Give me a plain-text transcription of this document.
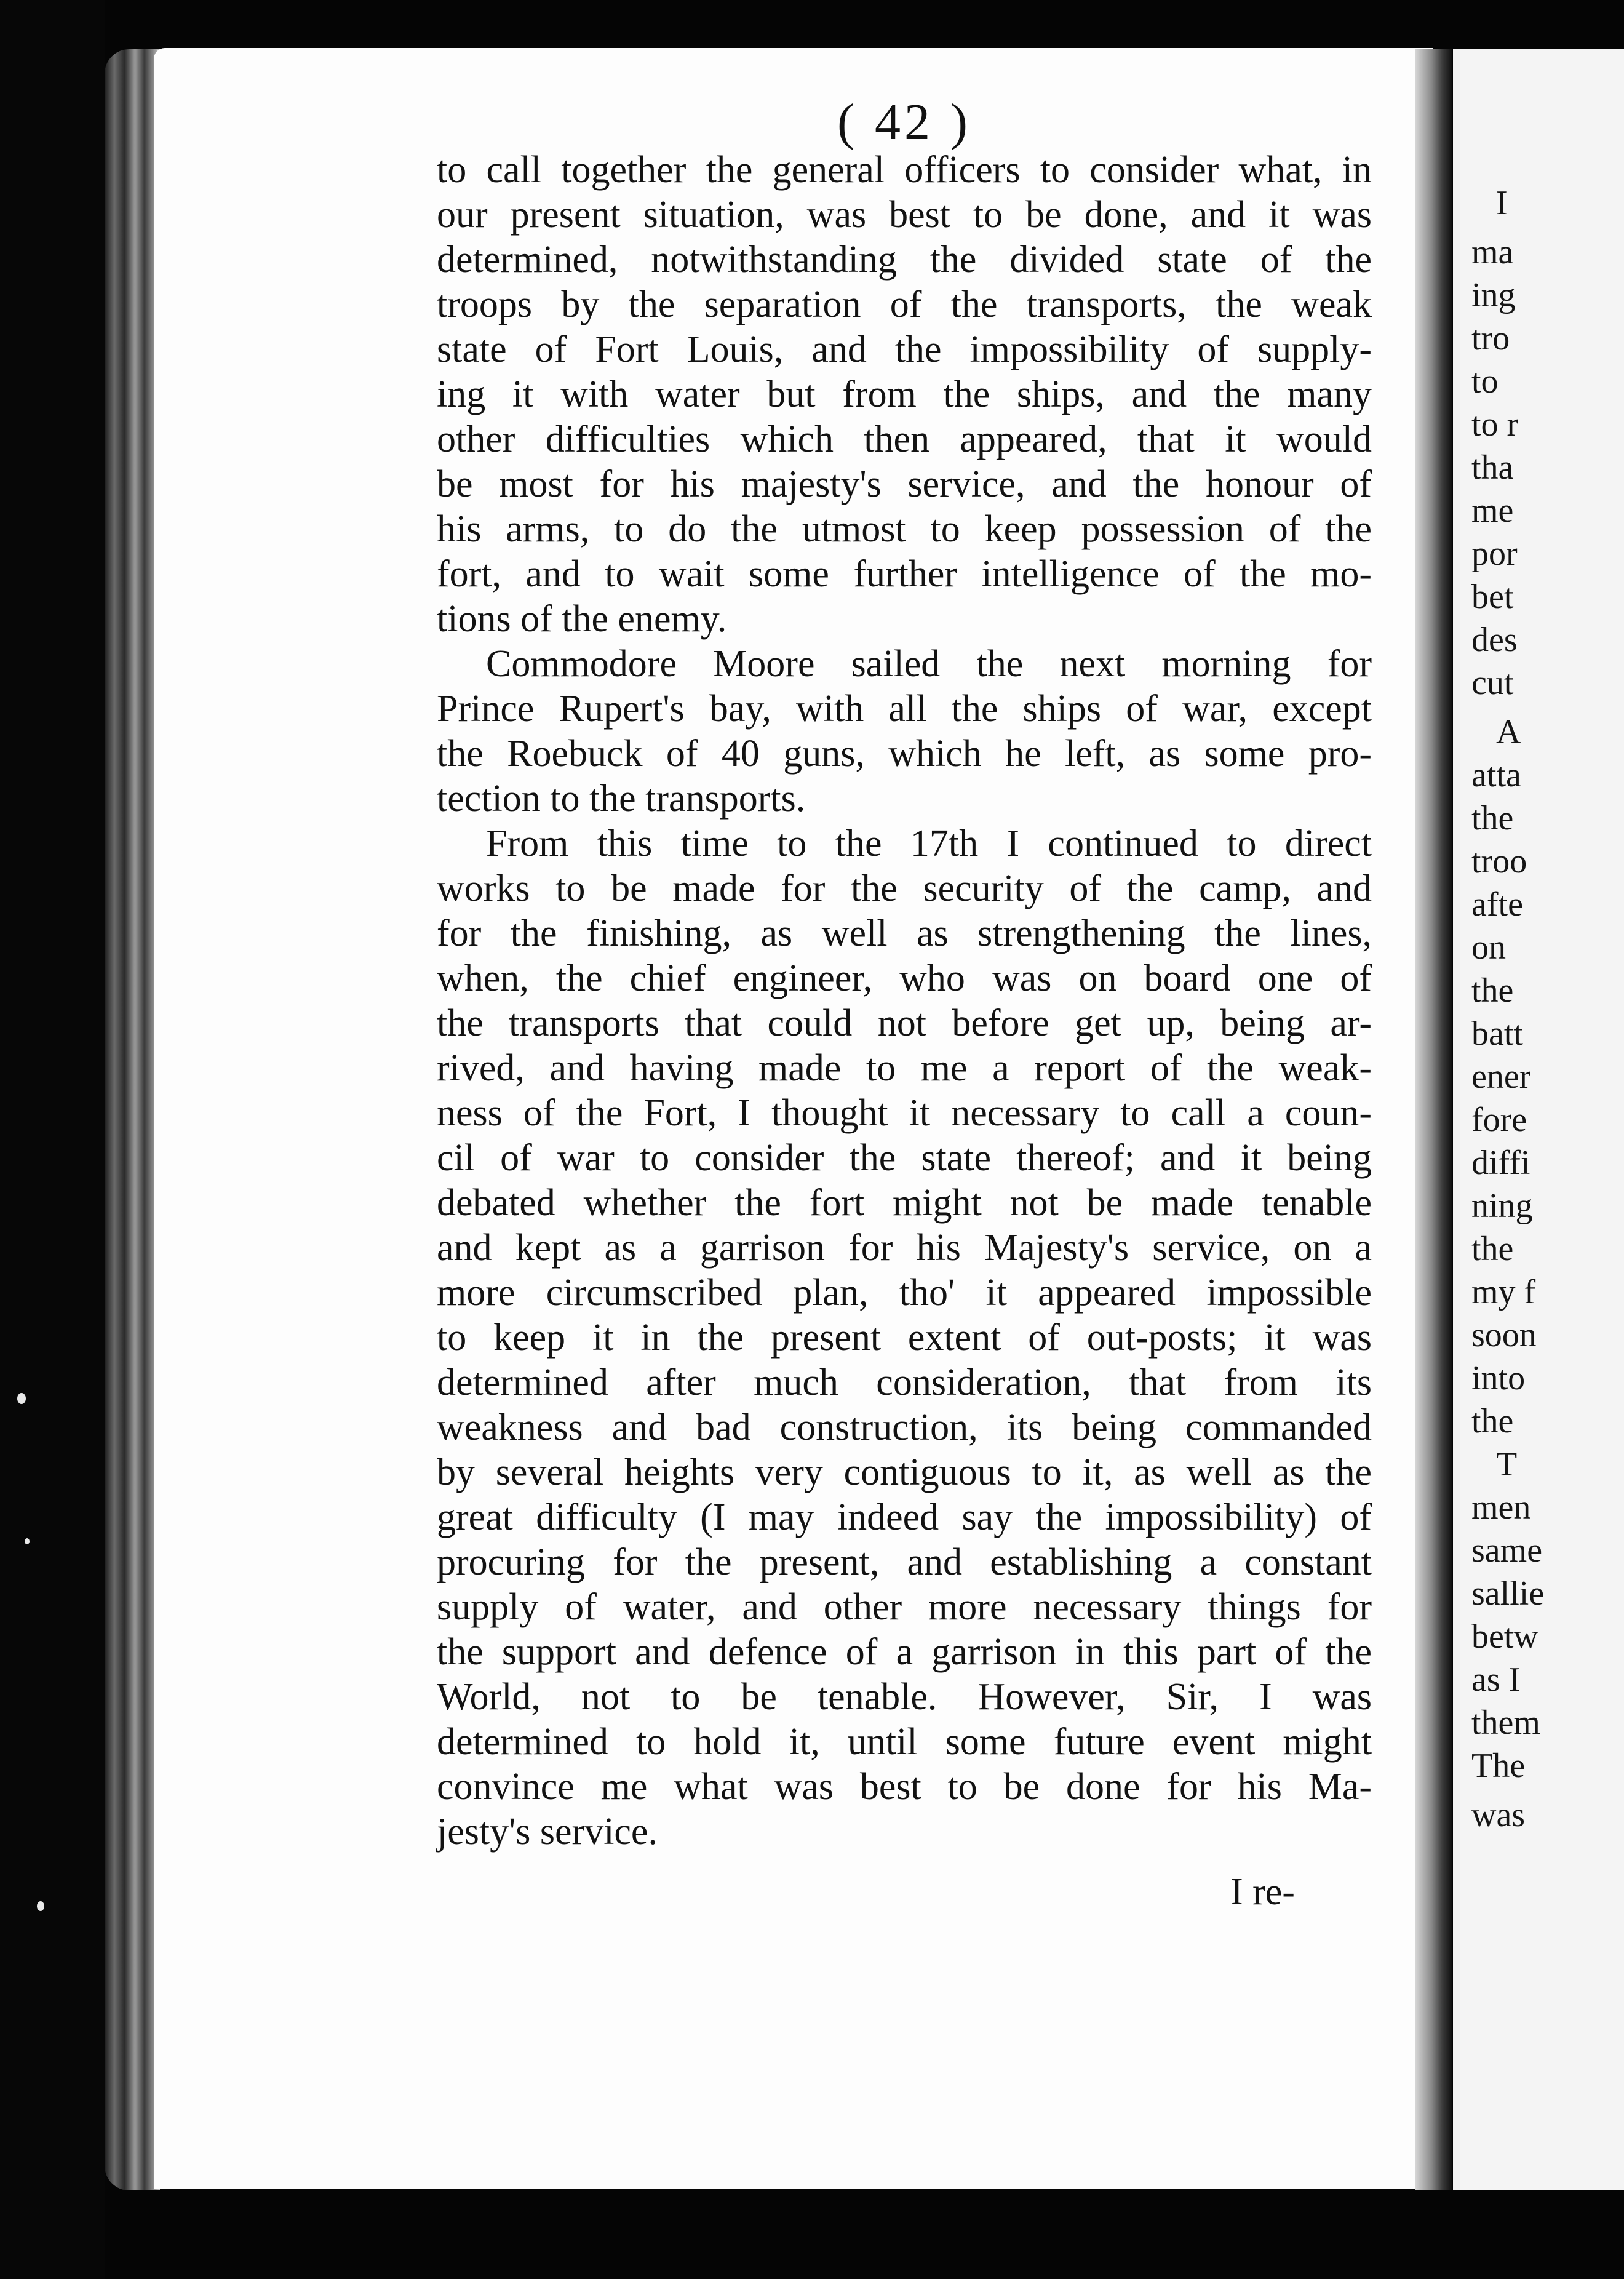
I
ma
ing
tro
to
to r
tha
me
por
bet
des
cut
A
atta
the
troo
afte
on
the
batt
ener
fore
diffi
ning
the
my f
soon
into
the
T
men
same
sallie
betw
as I
them
The
was
( 42 )
to call together the general officers to consider what, in
our present situation, was best to be done, and it was
determined, notwithstanding the divided state of the
troops by the separation of the transports, the weak
state of Fort Louis, and the impossibility of supply-
ing it with water but from the ships, and the many
other difficulties which then appeared, that it would
be most for his majesty's service, and the honour of
his arms, to do the utmost to keep possession of the
fort, and to wait some further intelligence of the mo-
tions of the enemy.
Commodore Moore sailed the next morning for
Prince Rupert's bay, with all the ships of war, except
the Roebuck of 40 guns, which he left, as some pro-
tection to the transports.
From this time to the 17th I continued to direct
works to be made for the security of the camp, and
for the finishing, as well as strengthening the lines,
when, the chief engineer, who was on board one of
the transports that could not before get up, being ar-
rived, and having made to me a report of the weak-
ness of the Fort, I thought it necessary to call a coun-
cil of war to consider the state thereof; and it being
debated whether the fort might not be made tenable
and kept as a garrison for his Majesty's service, on a
more circumscribed plan, tho' it appeared impossible
to keep it in the present extent of out-posts; it was
determined after much consideration, that from its
weakness and bad construction, its being commanded
by several heights very contiguous to it, as well as the
great difficulty (I may indeed say the impossibility) of
procuring for the present, and establishing a constant
supply of water, and other more necessary things for
the support and defence of a garrison in this part of the
World, not to be tenable. However, Sir, I was
determined to hold it, until some future event might
convince me what was best to be done for his Ma-
jesty's service.
I re-
